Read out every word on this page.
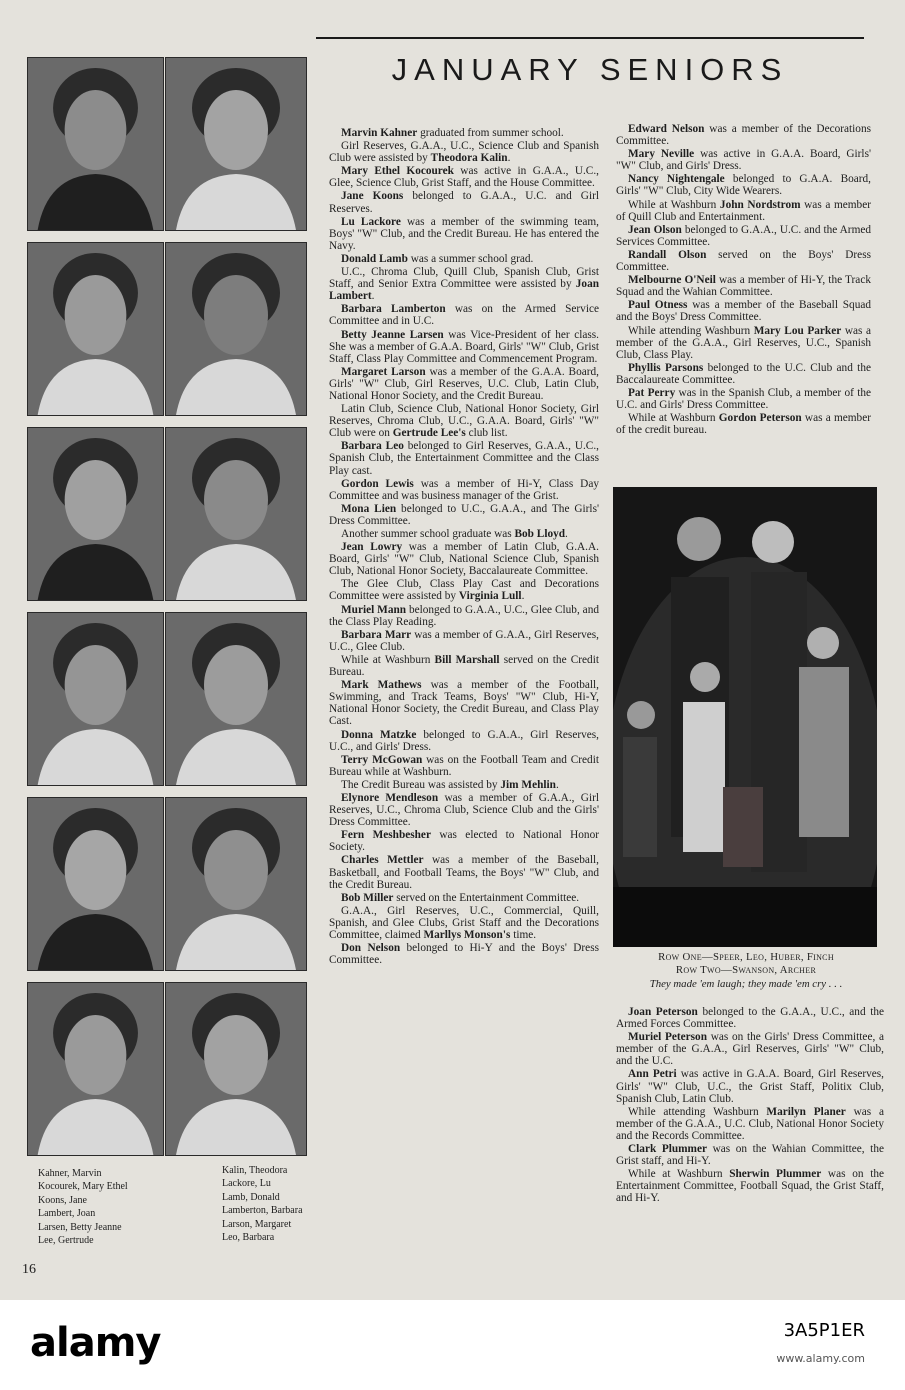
Kahner, Marvin
Kocourek, Mary Ethel
Koons, Jane
Lambert, Joan
Larsen, Betty Jeanne
Lee, Gertrude
Kalin, Theodora
Lackore, Lu
Lamb, Donald
Lamberton, Barbara
Larson, Margaret
Leo, Barbara
16
JANUARY SENIORS

Marvin Kahner graduated from summer school.

Girl Reserves, G.A.A., U.C., Science Club and Spanish Club were assisted by Theodora Kalin.

Mary Ethel Kocourek was active in G.A.A., U.C., Glee, Science Club, Grist Staff, and the House Committee.

Jane Koons belonged to G.A.A., U.C. and Girl Reserves.

Lu Lackore was a member of the swimming team, Boys' "W" Club, and the Credit Bureau. He has entered the Navy.

Donald Lamb was a summer school grad.

U.C., Chroma Club, Quill Club, Spanish Club, Grist Staff, and Senior Extra Committee were assisted by Joan Lambert.

Barbara Lamberton was on the Armed Service Committee and in U.C.

Betty Jeanne Larsen was Vice-President of her class. She was a member of G.A.A. Board, Girls' "W" Club, Grist Staff, Class Play Committee and Commencement Program.

Margaret Larson was a member of the G.A.A. Board, Girls' "W" Club, Girl Reserves, U.C. Club, Latin Club, National Honor Society, and the Credit Bureau.

Latin Club, Science Club, National Honor Society, Girl Reserves, Chroma Club, U.C., G.A.A. Board, Girls' "W" Club were on Gertrude Lee's club list.

Barbara Leo belonged to Girl Reserves, G.A.A., U.C., Spanish Club, the Entertainment Committee and the Class Play cast.

Gordon Lewis was a member of Hi-Y, Class Day Committee and was business manager of the Grist.

Mona Lien belonged to U.C., G.A.A., and The Girls' Dress Committee.

Another summer school graduate was Bob Lloyd.

Jean Lowry was a member of Latin Club, G.A.A. Board, Girls' "W" Club, National Science Club, Spanish Club, National Honor Society, Baccalaureate Committee.

The Glee Club, Class Play Cast and Decorations Committee were assisted by Virginia Lull.

Muriel Mann belonged to G.A.A., U.C., Glee Club, and the Class Play Reading.

Barbara Marr was a member of G.A.A., Girl Reserves, U.C., Glee Club.

While at Washburn Bill Marshall served on the Credit Bureau.

Mark Mathews was a member of the Football, Swimming, and Track Teams, Boys' "W" Club, Hi-Y, National Honor Society, the Credit Bureau, and Class Play Cast.

Donna Matzke belonged to G.A.A., Girl Reserves, U.C., and Girls' Dress.

Terry McGowan was on the Football Team and Credit Bureau while at Washburn.

The Credit Bureau was assisted by Jim Mehlin.

Elynore Mendleson was a member of G.A.A., Girl Reserves, U.C., Chroma Club, Science Club and the Girls' Dress Committee.

Fern Meshbesher was elected to National Honor Society.

Charles Mettler was a member of the Baseball, Basketball, and Football Teams, the Boys' "W" Club, and the Credit Bureau.

Bob Miller served on the Entertainment Committee.

G.A.A., Girl Reserves, U.C., Commercial, Quill, Spanish, and Glee Clubs, Grist Staff and the Decorations Committee, claimed Marllys Monson's time.

Don Nelson belonged to Hi-Y and the Boys' Dress Committee.

Edward Nelson was a member of the Decorations Committee.

Mary Neville was active in G.A.A. Board, Girls' "W" Club, and Girls' Dress.

Nancy Nightengale belonged to G.A.A. Board, Girls' "W" Club, City Wide Wearers.

While at Washburn John Nordstrom was a member of Quill Club and Entertainment.

Jean Olson belonged to G.A.A., U.C. and the Armed Services Committee.

Randall Olson served on the Boys' Dress Committee.

Melbourne O'Neil was a member of Hi-Y, the Track Squad and the Wahian Committee.

Paul Otness was a member of the Baseball Squad and the Boys' Dress Committee.

While attending Washburn Mary Lou Parker was a member of the G.A.A., Girl Reserves, U.C., Spanish Club, Class Play.

Phyllis Parsons belonged to the U.C. Club and the Baccalaureate Committee.

Pat Perry was in the Spanish Club, a member of the U.C. and Girls' Dress Committee.

While at Washburn Gordon Peterson was a member of the credit bureau.

Row One—Speer, Leo, Huber, Finch
Row Two—Swanson, Archer
They made 'em laugh; they made 'em cry . . .

Joan Peterson belonged to the G.A.A., U.C., and the Armed Forces Committee.

Muriel Peterson was on the Girls' Dress Committee, a member of the G.A.A., Girl Reserves, Girls' "W" Club, and the U.C.

Ann Petri was active in G.A.A. Board, Girl Reserves, Girls' "W" Club, U.C., the Grist Staff, Politix Club, Spanish Club, Latin Club.

While attending Washburn Marilyn Planer was a member of the G.A.A., U.C. Club, National Honor Society and the Records Committee.

Clark Plummer was on the Wahian Committee, the Grist staff, and Hi-Y.

While at Washburn Sherwin Plummer was on the Entertainment Committee, Football Squad, the Grist Staff, and Hi-Y.

alamy	3A5P1ER
www.alamy.com
